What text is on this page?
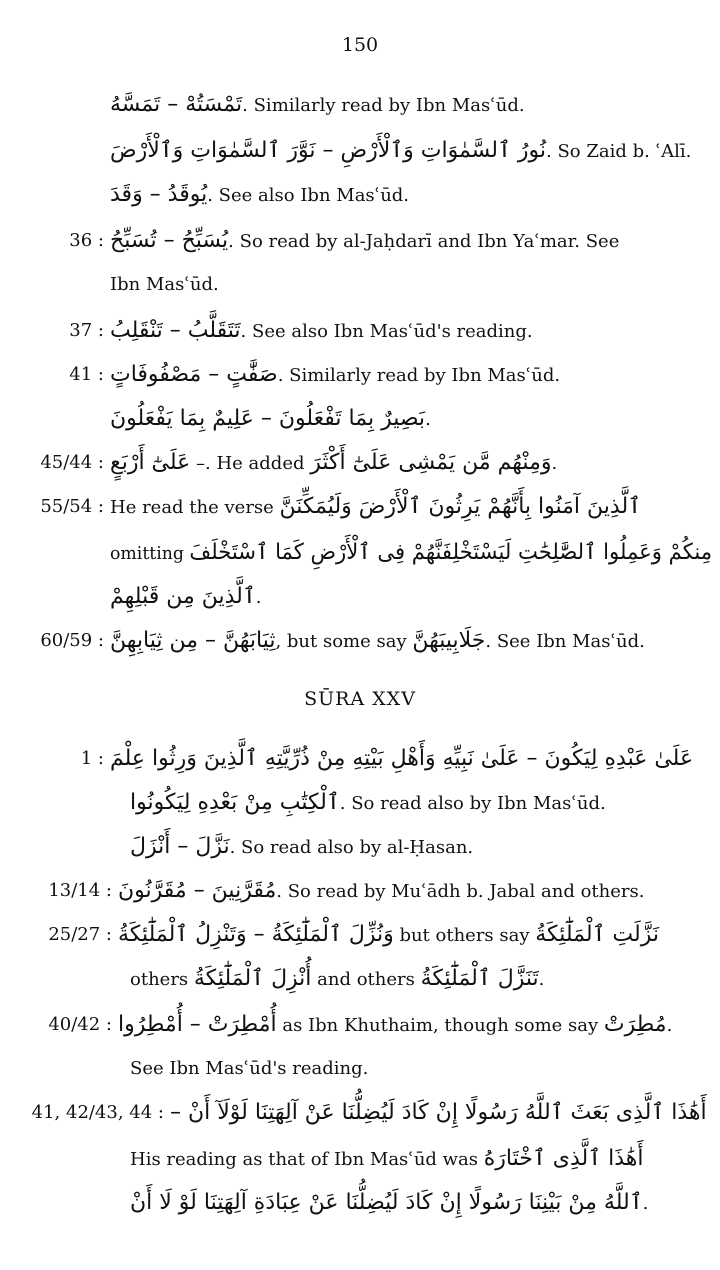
150
SŪRA XXV
تَمْسَتُهْ – تَمَسَّهُ. Similarly read by Ibn Masʿūd.
نُورُ ٱلسَّمٰوَاتِ وَٱلْأَرْضِ – نَوَّرَ ٱلسَّمٰوَاتِ وَٱلْأَرْضَ. So Zaid b. ʿAlī.
يُوقَدُ – وَقَدَ. See also Ibn Masʿūd.
36 : يُسَبِّحُ – تُسَبِّحُ. So read by al-Jaḥdarī and Ibn Yaʿmar. See
Ibn Masʿūd.
37 : تَتَقَلَّبُ – تَنْقَلِبُ. See also Ibn Masʿūd's reading.
41 : صَفَّٰتٍ – مَصْفُوفَاتٍ. Similarly read by Ibn Masʿūd.
بَصِيرٌ بِمَا تَفْعَلُونَ – عَلِيمٌ بِمَا يَفْعَلُونَ.
45/44 : عَلَىٰٓ أَرْبَعٍ –. He added وَمِنْهُم مَّن يَمْشِى عَلَىٰٓ أَكْثَرَ.
55/54 : He read the verse ٱلَّذِينَ آمَنُوا بِأَنَّهُمْ يَرِثُونَ ٱلْأَرْضَ وَلَيُمَكِّنَنَّ
omitting مِنكُمْ وَعَمِلُوا ٱلصَّٰلِحَٰتِ لَيَسْتَخْلِفَنَّهُمْ فِى ٱلْأَرْضِ كَمَا ٱسْتَخْلَفَ
ٱلَّذِينَ مِن قَبْلِهِمْ.
60/59 : ثِيَابَهُنَّ – مِن ثِيَابِهِنَّ, but some say جَلَابِيبَهُنَّ. See Ibn Masʿūd.
1 : عَلَىٰ عَبْدِهِ لِيَكُونَ – عَلَىٰ نَبِيِّهِ وَأَهْلِ بَيْتِهِ مِنْ ذُرِّيَّتِهِ ٱلَّذِينَ وَرِثُوا عِلْمَ
ٱلْكِتَٰبِ مِنْ بَعْدِهِ لِيَكُونُوا. So read also by Ibn Masʿūd.
نَزَّلَ – أَنْزَلَ. So read also by al-Ḥasan.
13/14 : مُقَرَّنِينَ – مُقَرَّنُونَ. So read by Muʿādh b. Jabal and others.
25/27 : وَنُزِّلَ ٱلْمَلَٰٓئِكَةُ – وَتَنْزِلُ ٱلْمَلَٰٓئِكَةُ but others say نَزَّلَتِ ٱلْمَلَٰٓئِكَةُ
others أُنْزِلَ ٱلْمَلَٰٓئِكَةُ and others تَنَزَّلَ ٱلْمَلَٰٓئِكَةُ.
40/42 : أُمْطِرَتْ – أُمْطِرُوا as Ibn Khuthaim, though some say مُطِرَتْ.
See Ibn Masʿūd's reading.
41, 42/43, 44 : أَهَٰذَا ٱلَّذِى بَعَثَ ٱللَّهُ رَسُولًا إِنْ كَادَ لَيُضِلُّنَا عَنْ آلِهَتِنَا لَوْلَآ أَنْ –
His reading as that of Ibn Masʿūd was أَهَٰذَا ٱلَّذِى ٱخْتَارَهُ
ٱللَّهُ مِنْ بَيْنِنَا رَسُولًا إِنْ كَادَ لَيُضِلُّنَا عَنْ عِبَادَةِ آلِهَتِنَا لَوْ لَا أَنْ.
